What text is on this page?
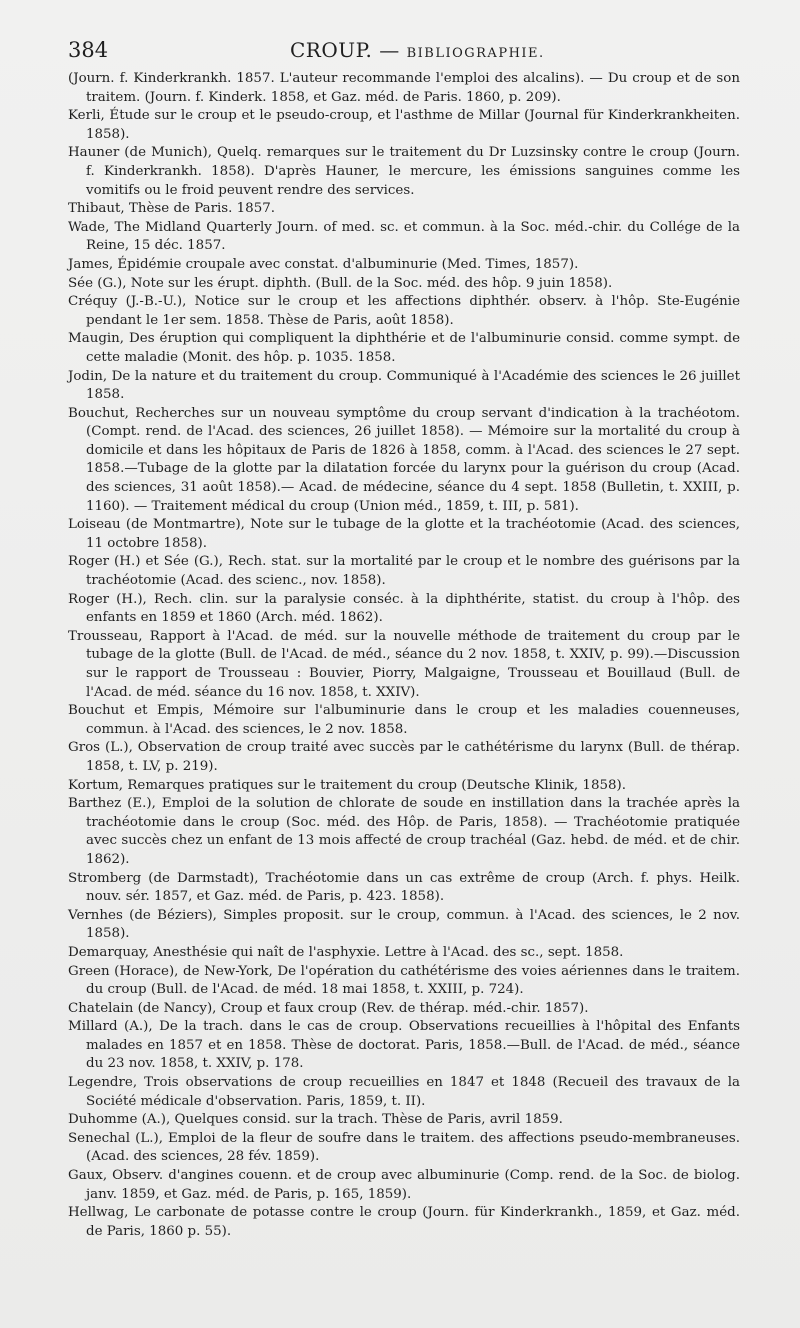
384	CROUP. — BIBLIOGRAPHIE.

(Journ. f. Kinderkrankh. 1857. L'auteur recommande l'emploi des alcalins). — Du croup et de son traitem. (Journ. f. Kinderk. 1858, et Gaz. méd. de Paris. 1860, p. 209).

Kerli, Étude sur le croup et le pseudo-croup, et l'asthme de Millar (Journal für Kinderkrankheiten. 1858).

Hauner (de Munich), Quelq. remarques sur le traitement du Dr Luzsinsky contre le croup (Journ. f. Kinderkrankh. 1858). D'après Hauner, le mercure, les émissions sanguines comme les vomitifs ou le froid peuvent rendre des services.

Thibaut, Thèse de Paris. 1857.

Wade, The Midland Quarterly Journ. of med. sc. et commun. à la Soc. méd.-chir. du Collége de la Reine, 15 déc. 1857.

James, Épidémie croupale avec constat. d'albuminurie (Med. Times, 1857).

Sée (G.), Note sur les érupt. diphth. (Bull. de la Soc. méd. des hôp. 9 juin 1858).

Créquy (J.-B.-U.), Notice sur le croup et les affections diphthér. observ. à l'hôp. Ste-Eugénie pendant le 1er sem. 1858. Thèse de Paris, août 1858).

Maugin, Des éruption qui compliquent la diphthérie et de l'albuminurie consid. comme sympt. de cette maladie (Monit. des hôp. p. 1035. 1858.

Jodin, De la nature et du traitement du croup. Communiqué à l'Académie des sciences le 26 juillet 1858.

Bouchut, Recherches sur un nouveau symptôme du croup servant d'indication à la trachéotom. (Compt. rend. de l'Acad. des sciences, 26 juillet 1858). — Mémoire sur la mortalité du croup à domicile et dans les hôpitaux de Paris de 1826 à 1858, comm. à l'Acad. des sciences le 27 sept. 1858.—Tubage de la glotte par la dilatation forcée du larynx pour la guérison du croup (Acad. des sciences, 31 août 1858).— Acad. de médecine, séance du 4 sept. 1858 (Bulletin, t. XXIII, p. 1160). — Traitement médical du croup (Union méd., 1859, t. III, p. 581).

Loiseau (de Montmartre), Note sur le tubage de la glotte et la trachéotomie (Acad. des sciences, 11 octobre 1858).

Roger (H.) et Sée (G.), Rech. stat. sur la mortalité par le croup et le nombre des guérisons par la trachéotomie (Acad. des scienc., nov. 1858).

Roger (H.), Rech. clin. sur la paralysie conséc. à la diphthérite, statist. du croup à l'hôp. des enfants en 1859 et 1860 (Arch. méd. 1862).

Trousseau, Rapport à l'Acad. de méd. sur la nouvelle méthode de traitement du croup par le tubage de la glotte (Bull. de l'Acad. de méd., séance du 2 nov. 1858, t. XXIV, p. 99).—Discussion sur le rapport de Trousseau : Bouvier, Piorry, Malgaigne, Trousseau et Bouillaud (Bull. de l'Acad. de méd. séance du 16 nov. 1858, t. XXIV).

Bouchut et Empis, Mémoire sur l'albuminurie dans le croup et les maladies couenneuses, commun. à l'Acad. des sciences, le 2 nov. 1858.

Gros (L.), Observation de croup traité avec succès par le cathétérisme du larynx (Bull. de thérap. 1858, t. LV, p. 219).

Kortum, Remarques pratiques sur le traitement du croup (Deutsche Klinik, 1858).

Barthez (E.), Emploi de la solution de chlorate de soude en instillation dans la trachée après la trachéotomie dans le croup (Soc. méd. des Hôp. de Paris, 1858). — Trachéotomie pratiquée avec succès chez un enfant de 13 mois affecté de croup trachéal (Gaz. hebd. de méd. et de chir. 1862).

Stromberg (de Darmstadt), Trachéotomie dans un cas extrême de croup (Arch. f. phys. Heilk. nouv. sér. 1857, et Gaz. méd. de Paris, p. 423. 1858).

Vernhes (de Béziers), Simples proposit. sur le croup, commun. à l'Acad. des sciences, le 2 nov. 1858).

Demarquay, Anesthésie qui naît de l'asphyxie. Lettre à l'Acad. des sc., sept. 1858.

Green (Horace), de New-York, De l'opération du cathétérisme des voies aériennes dans le traitem. du croup (Bull. de l'Acad. de méd. 18 mai 1858, t. XXIII, p. 724).

Chatelain (de Nancy), Croup et faux croup (Rev. de thérap. méd.-chir. 1857).

Millard (A.), De la trach. dans le cas de croup. Observations recueillies à l'hôpital des Enfants malades en 1857 et en 1858. Thèse de doctorat. Paris, 1858.—Bull. de l'Acad. de méd., séance du 23 nov. 1858, t. XXIV, p. 178.

Legendre, Trois observations de croup recueillies en 1847 et 1848 (Recueil des travaux de la Société médicale d'observation. Paris, 1859, t. II).

Duhomme (A.), Quelques consid. sur la trach. Thèse de Paris, avril 1859.

Senechal (L.), Emploi de la fleur de soufre dans le traitem. des affections pseudo-membraneuses. (Acad. des sciences, 28 fév. 1859).

Gaux, Observ. d'angines couenn. et de croup avec albuminurie (Comp. rend. de la Soc. de biolog. janv. 1859, et Gaz. méd. de Paris, p. 165, 1859).

Hellwag, Le carbonate de potasse contre le croup (Journ. für Kinderkrankh., 1859, et Gaz. méd. de Paris, 1860 p. 55).
